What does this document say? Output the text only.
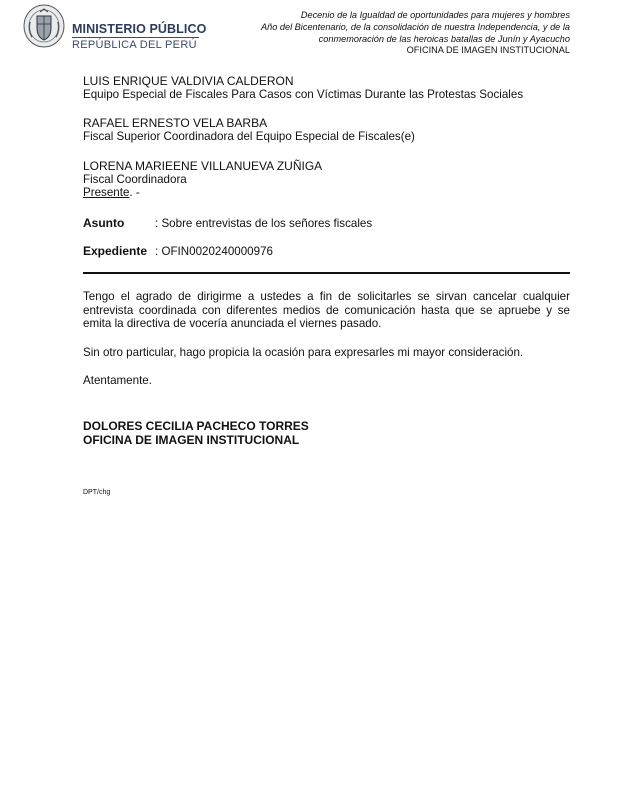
MINISTERIO PÚBLICO
REPÚBLICA DEL PERÚ
Decenio de la Igualdad de oportunidades para mujeres y hombres
Año del Bicentenario, de la consolidación de nuestra Independencia, y de la
conmemoración de las heroicas batallas de Junín y Ayacucho
OFICINA DE IMAGEN INSTITUCIONAL
LUIS ENRIQUE VALDIVIA CALDERON
Equipo Especial de Fiscales Para Casos con Víctimas Durante las Protestas Sociales
RAFAEL ERNESTO VELA BARBA
Fiscal Superior Coordinadora del Equipo Especial de Fiscales(e)
LORENA MARIEENE VILLANUEVA ZUÑIGA
Fiscal Coordinadora
Presente. -
Asunto	: Sobre entrevistas de los señores fiscales
Expediente : OFIN0020240000976
Tengo el agrado de dirigirme a ustedes a fin de solicitarles se sirvan cancelar cualquier entrevista coordinada con diferentes medios de comunicación hasta que se apruebe y se emita la directiva de vocería anunciada el viernes pasado.
Sin otro particular, hago propicia la ocasión para expresarles mi mayor consideración.
Atentamente.
DOLORES CECILIA PACHECO TORRES
OFICINA DE IMAGEN INSTITUCIONAL
DPT/chg
